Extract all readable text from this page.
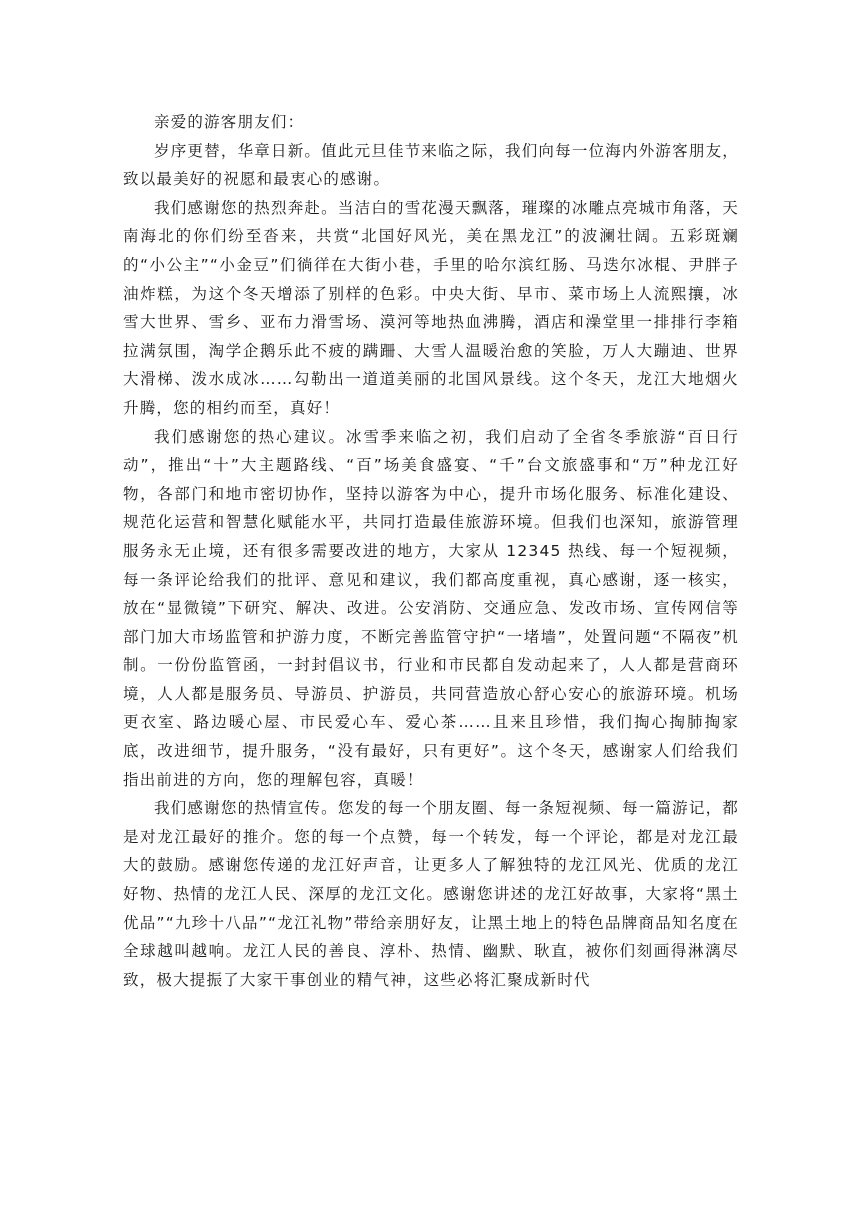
亲爱的游客朋友们：

岁序更替，华章日新。值此元旦佳节来临之际，我们向每一位海内外游客朋友，致以最美好的祝愿和最衷心的感谢。

我们感谢您的热烈奔赴。当洁白的雪花漫天飘落，璀璨的冰雕点亮城市角落，天南海北的你们纷至沓来，共赏“北国好风光，美在黑龙江”的波澜壮阔。五彩斑斓的“小公主”“小金豆”们徜徉在大街小巷，手里的哈尔滨红肠、马迭尔冰棍、尹胖子油炸糕，为这个冬天增添了别样的色彩。中央大街、早市、菜市场上人流熙攘，冰雪大世界、雪乡、亚布力滑雪场、漠河等地热血沸腾，酒店和澡堂里一排排行李箱拉满氛围，淘学企鹅乐此不疲的蹒跚、大雪人温暖治愈的笑脸，万人大蹦迪、世界大滑梯、泼水成冰……勾勒出一道道美丽的北国风景线。这个冬天，龙江大地烟火升腾，您的相约而至，真好！

我们感谢您的热心建议。冰雪季来临之初，我们启动了全省冬季旅游“百日行动”，推出“十”大主题路线、“百”场美食盛宴、“千”台文旅盛事和“万”种龙江好物，各部门和地市密切协作，坚持以游客为中心，提升市场化服务、标准化建设、规范化运营和智慧化赋能水平，共同打造最佳旅游环境。但我们也深知，旅游管理服务永无止境，还有很多需要改进的地方，大家从 12345 热线、每一个短视频，每一条评论给我们的批评、意见和建议，我们都高度重视，真心感谢，逐一核实，放在“显微镜”下研究、解决、改进。公安消防、交通应急、发改市场、宣传网信等部门加大市场监管和护游力度，不断完善监管守护“一堵墙”，处置问题“不隔夜”机制。一份份监管函，一封封倡议书，行业和市民都自发动起来了，人人都是营商环境，人人都是服务员、导游员、护游员，共同营造放心舒心安心的旅游环境。机场更衣室、路边暖心屋、市民爱心车、爱心茶……且来且珍惜，我们掏心掏肺掏家底，改进细节，提升服务，“没有最好，只有更好”。这个冬天，感谢家人们给我们指出前进的方向，您的理解包容，真暖！

我们感谢您的热情宣传。您发的每一个朋友圈、每一条短视频、每一篇游记，都是对龙江最好的推介。您的每一个点赞，每一个转发，每一个评论，都是对龙江最大的鼓励。感谢您传递的龙江好声音，让更多人了解独特的龙江风光、优质的龙江好物、热情的龙江人民、深厚的龙江文化。感谢您讲述的龙江好故事，大家将“黑土优品”“九珍十八品”“龙江礼物”带给亲朋好友，让黑土地上的特色品牌商品知名度在全球越叫越响。龙江人民的善良、淳朴、热情、幽默、耿直，被你们刻画得淋漓尽致，极大提振了大家干事创业的精气神，这些必将汇聚成新时代
